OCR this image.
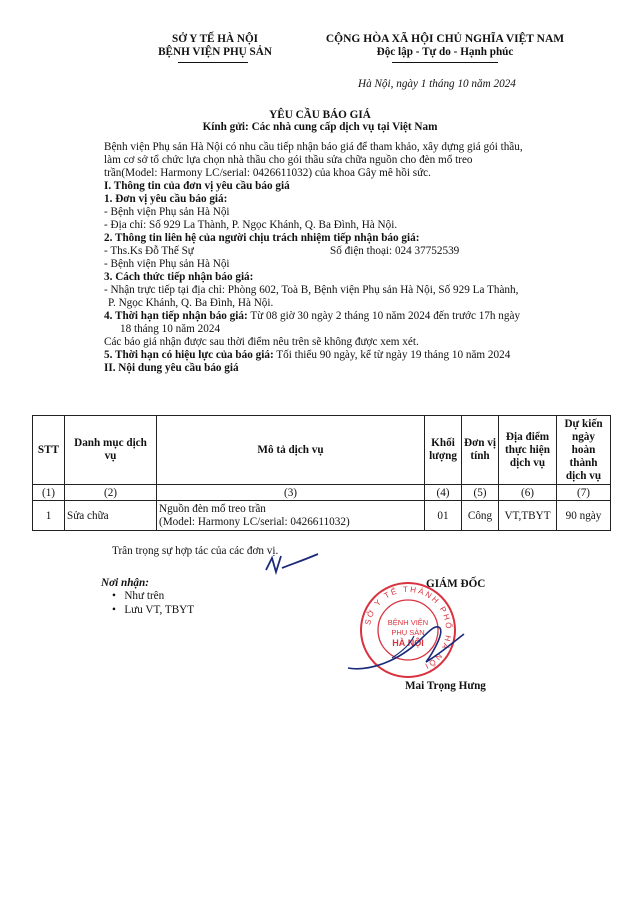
SỞ Y TẾ HÀ NỘI
BỆNH VIỆN PHỤ SẢN
CỘNG HÒA XÃ HỘI CHỦ NGHĨA VIỆT NAM
Độc lập - Tự do - Hạnh phúc
Hà Nội, ngày 1 tháng 10 năm 2024
YÊU CẦU BÁO GIÁ
Kính gửi: Các nhà cung cấp dịch vụ tại Việt Nam
Bệnh viện Phụ sản Hà Nội có nhu cầu tiếp nhận báo giá để tham khảo, xây dựng giá gói thầu,
làm cơ sở tổ chức lựa chọn nhà thầu cho gói thầu sửa chữa nguồn cho đèn mổ treo
trần(Model: Harmony LC/serial: 0426611032) của khoa Gây mê hồi sức.
I. Thông tin của đơn vị yêu cầu báo giá
1. Đơn vị yêu cầu báo giá:
- Bệnh viện Phụ sản Hà Nội
- Địa chỉ: Số 929 La Thành, P. Ngọc Khánh, Q. Ba Đình, Hà Nội.
2. Thông tin liên hệ của người chịu trách nhiệm tiếp nhận báo giá:
- Ths.Ks Đỗ Thế Sự	Số điện thoại: 024 37752539
- Bệnh viện Phụ sản Hà Nội
3. Cách thức tiếp nhận báo giá:
- Nhận trực tiếp tại địa chỉ: Phòng 602, Toà B, Bệnh viện Phụ sản Hà Nội, Số 929 La Thành,
P. Ngọc Khánh, Q. Ba Đình, Hà Nội.
4. Thời hạn tiếp nhận báo giá: Từ 08 giờ 30 ngày 2 tháng 10 năm 2024 đến trước 17h ngày
18 tháng 10 năm 2024
Các báo giá nhận được sau thời điểm nêu trên sẽ không được xem xét.
5. Thời hạn có hiệu lực của báo giá: Tối thiểu 90 ngày, kể từ ngày 19 tháng 10 năm 2024
II. Nội dung yêu cầu báo giá
STT	Danh mục dịch vụ	Mô tả dịch vụ	Khối lượng	Đơn vị tính	Địa điểm thực hiện dịch vụ	Dự kiến ngày hoàn thành dịch vụ
(1)	(2)	(3)	(4)	(5)	(6)	(7)
1	Sửa chữa	Nguồn đèn mổ treo trần
(Model: Harmony LC/serial: 0426611032)	01	Công	VT,TBYT	90 ngày
Trân trọng sự hợp tác của các đơn vị.
Nơi nhận:
•   Như trên
•   Lưu VT, TBYT
GIÁM ĐỐC
SỞ Y TẾ THÀNH PHỐ HÀ NỘI
BỆNH VIỆN
PHỤ SẢN
HÀ NỘI
Mai Trọng Hưng
